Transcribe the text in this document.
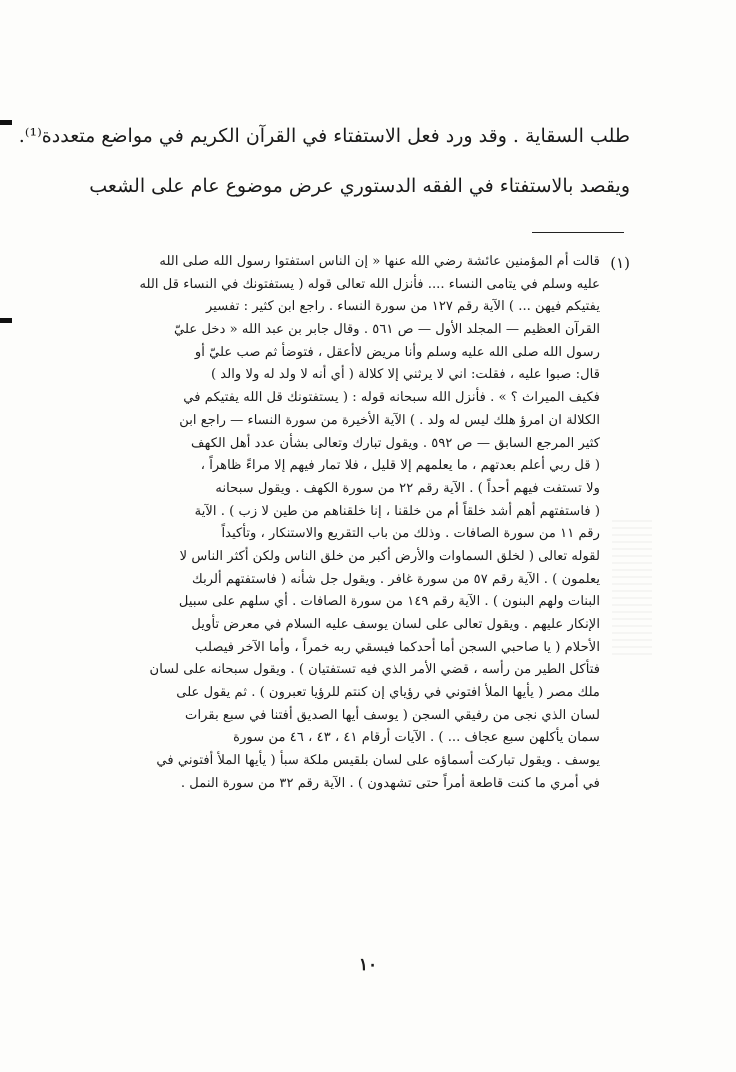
طلب السقاية . وقد ورد فعل الاستفتاء في القرآن الكريم في مواضع متعددة⁽¹⁾.
ويقصد بالاستفتاء في الفقه الدستوري عرض موضوع عام على الشعب
(١)
قالت أم المؤمنين عائشة رضي الله عنها « إن الناس استفتوا رسول الله صلى الله
عليه وسلم في يتامى النساء .... فأنزل الله تعالى قوله ( يستفتونك في النساء قل الله
يفتيكم فيهن ... ) الآية رقم ١٢٧ من سورة النساء . راجع ابن كثير : تفسير
القرآن العظيم — المجلد الأول — ص ٥٦١ . وقال جابر بن عبد الله « دخل عليّ
رسول الله صلى الله عليه وسلم وأنا مريض لاأعقل ، فتوضأ ثم صب عليّ أو
قال: صبوا عليه ، فقلت: اني لا يرثني إلا كلالة ( أي أنه لا ولد له ولا والد )
فكيف الميراث ؟ » . فأنزل الله سبحانه قوله : ( يستفتونك قل الله يفتيكم في
الكلالة ان امرؤ هلك ليس له ولد . ) الآية الأخيرة من سورة النساء — راجع ابن
كثير المرجع السابق — ص ٥٩٢ . ويقول تبارك وتعالى بشأن عدد أهل الكهف
( قل ربي أعلم بعدتهم ، ما يعلمهم إلا قليل ، فلا تمار فيهم إلا مراءً ظاهراً ،
ولا تستفت فيهم أحداً ) . الآية رقم ٢٢ من سورة الكهف . ويقول سبحانه
( فاستفتهم أهم أشد خلقاً أم من خلقنا ، إنا خلقناهم من طين لا زب ) . الآية
رقم ١١ من سورة الصافات . وذلك من باب التقريع والاستنكار ، وتأكيداً
لقوله تعالى ( لخلق السماوات والأرض أكبر من خلق الناس ولكن أكثر الناس لا
يعلمون ) . الآية رقم ٥٧ من سورة غافر . ويقول جل شأنه ( فاستفتهم ألربك
البنات ولهم البنون ) . الآية رقم ١٤٩ من سورة الصافات . أي سلهم على سبيل
الإنكار عليهم . ويقول تعالى على لسان يوسف عليه السلام في معرض تأويل
الأحلام ( يا صاحبي السجن أما أحدكما فيسقي ربه خمراً ، وأما الآخر فيصلب
فتأكل الطير من رأسه ، قضي الأمر الذي فيه تستفتيان ) . ويقول سبحانه على لسان
ملك مصر ( يأيها الملأ افتوني في رؤياي إن كنتم للرؤيا تعبرون ) . ثم يقول على
لسان الذي نجى من رفيقي السجن ( يوسف أيها الصديق أفتنا في سبع بقرات
سمان يأكلهن سبع عجاف ... ) . الآيات أرقام ٤١ ، ٤٣ ، ٤٦ من سورة
يوسف . ويقول تباركت أسماؤه على لسان بلقيس ملكة سبأ ( يأيها الملأ أفتوني في
في أمري ما كنت قاطعة أمراً حتى تشهدون ) . الآية رقم ٣٢ من سورة النمل .
١٠
